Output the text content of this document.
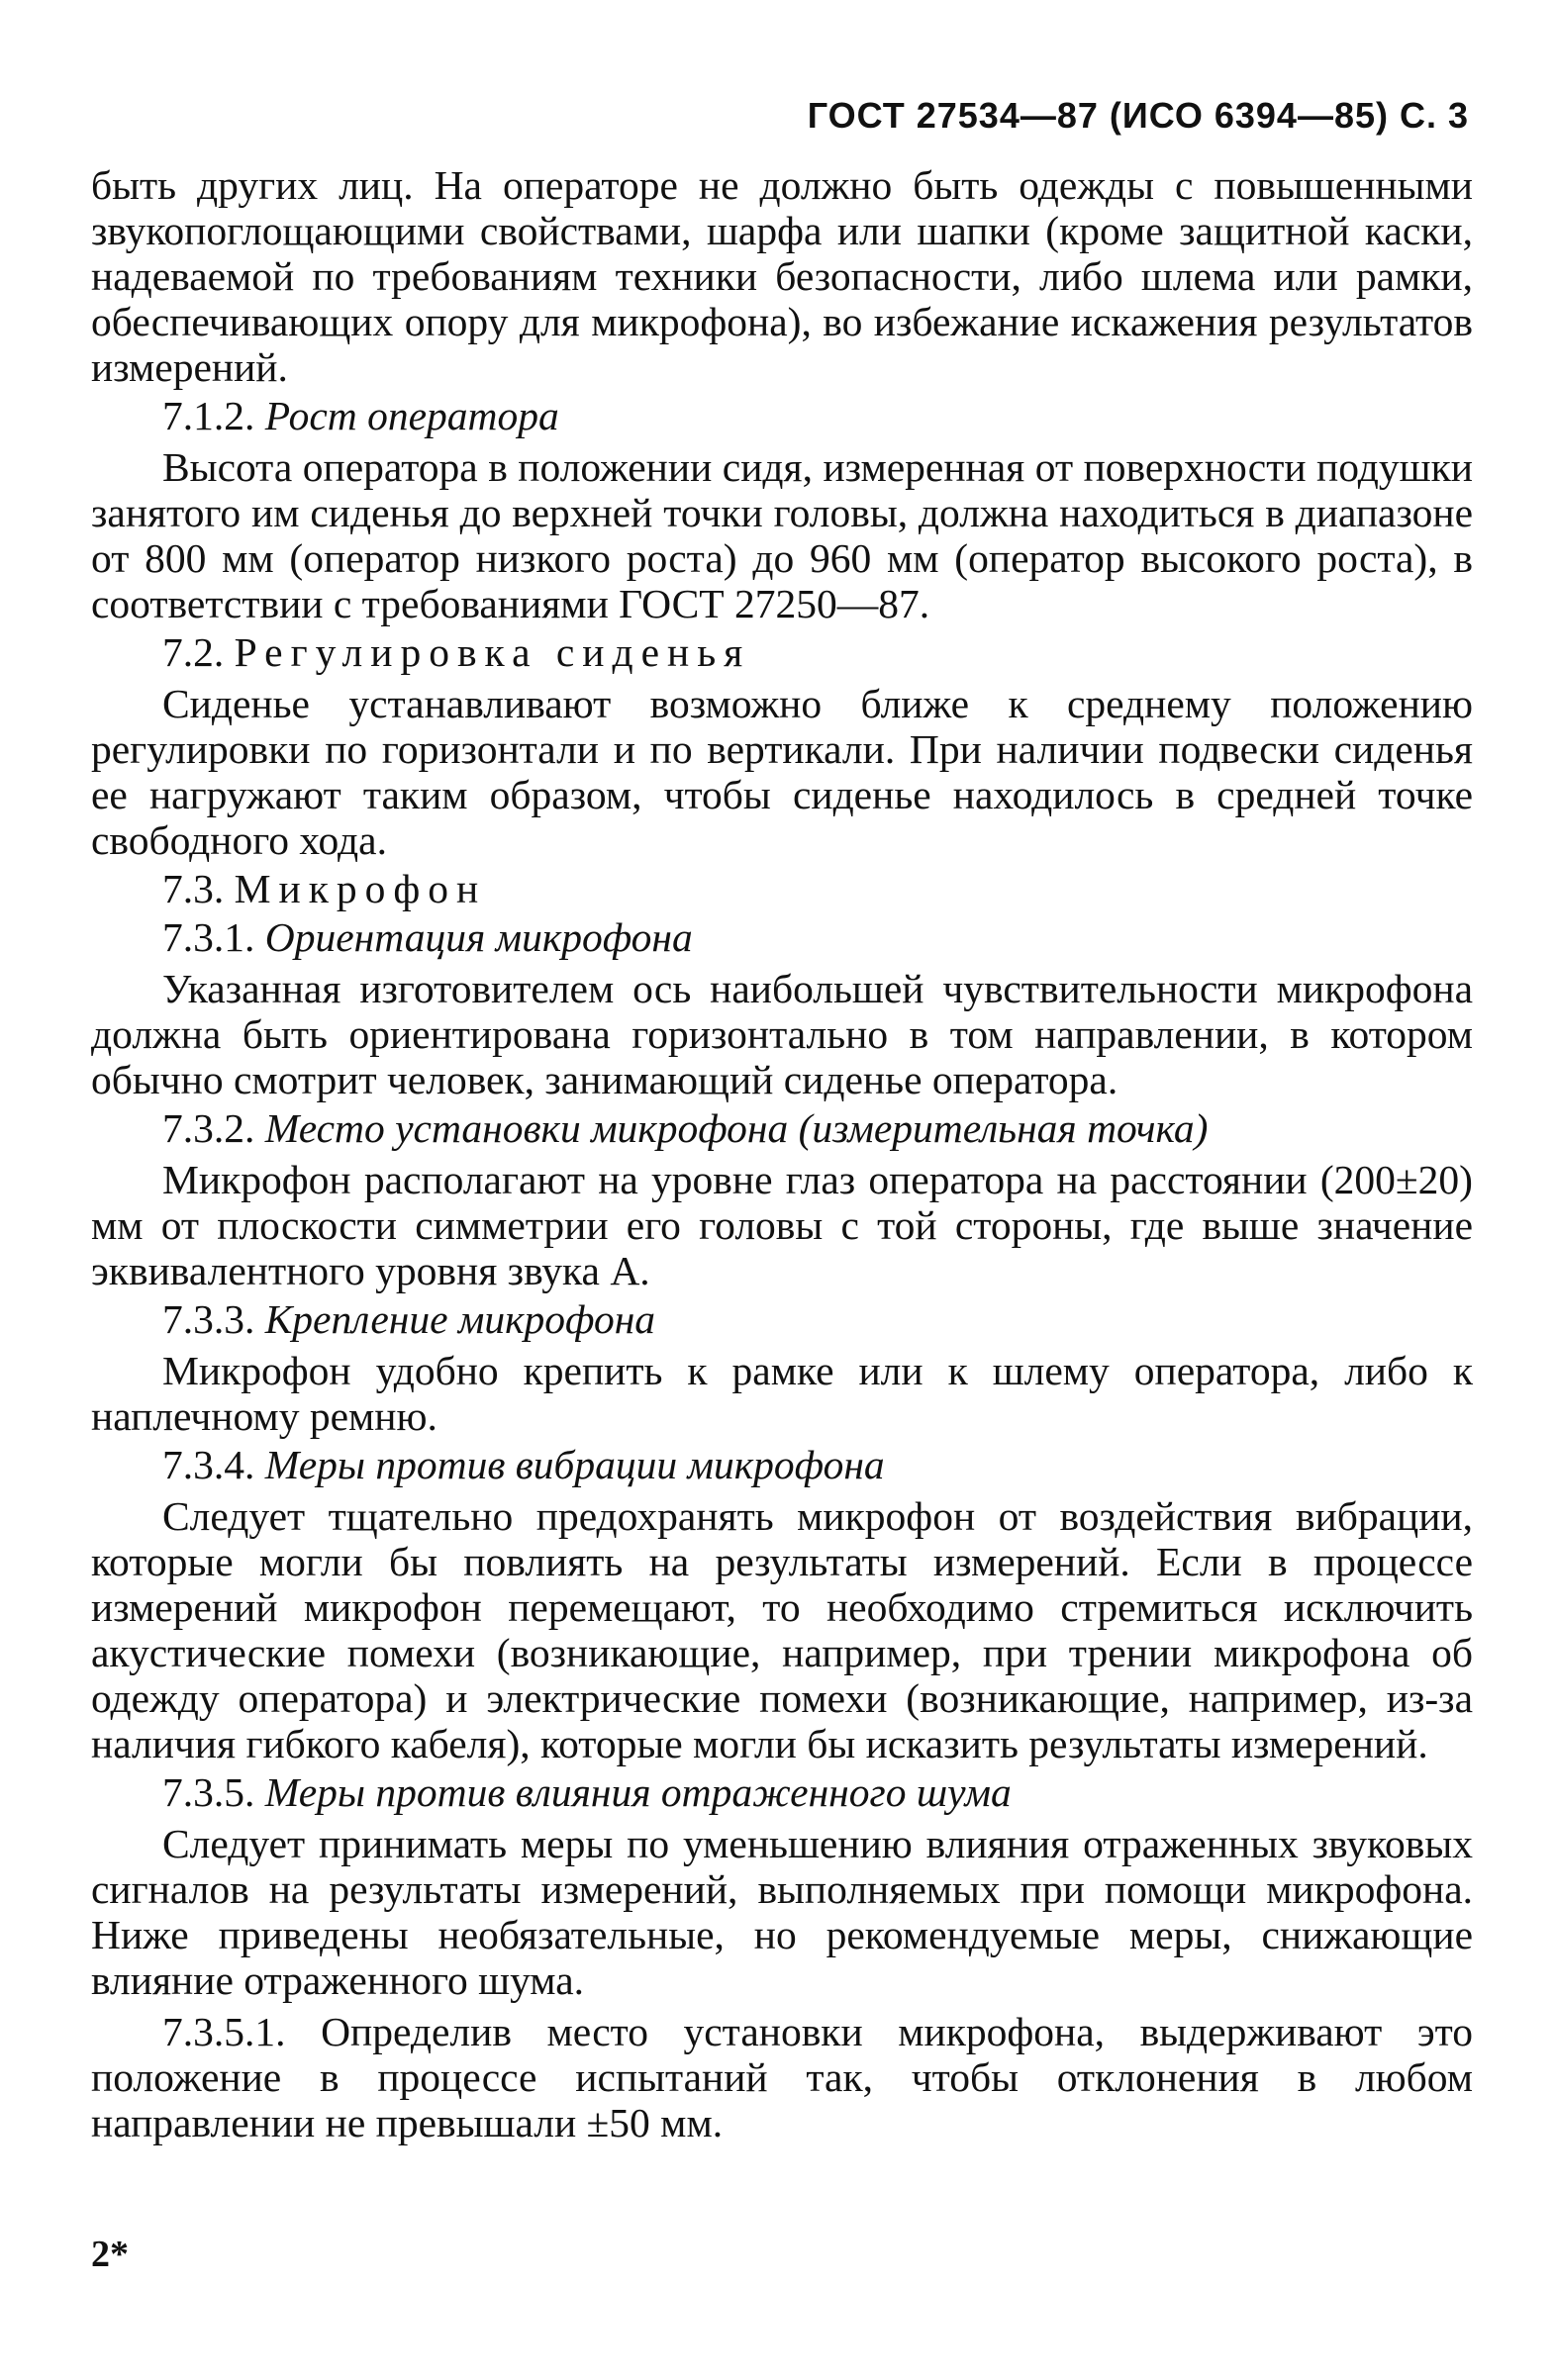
ГОСТ 27534—87 (ИСО 6394—85) С. 3

быть других лиц. На операторе не должно быть одежды с повышенными звукопоглощающими свойствами, шарфа или шапки (кроме защитной каски, надеваемой по требованиям техники безопасности, либо шлема или рамки, обеспечивающих опору для микрофона), во избежание искажения результатов измерений.

7.1.2. Рост оператора

Высота оператора в положении сидя, измеренная от поверхности подушки занятого им сиденья до верхней точки головы, должна находиться в диапазоне от 800 мм (оператор низкого роста) до 960 мм (оператор высокого роста), в соответствии с требованиями ГОСТ 27250—87.

7.2. Регулировка сиденья

Сиденье устанавливают возможно ближе к среднему положению регулировки по горизонтали и по вертикали. При наличии подвески сиденья ее нагружают таким образом, чтобы сиденье находилось в средней точке свободного хода.

7.3. Микрофон
7.3.1. Ориентация микрофона

Указанная изготовителем ось наибольшей чувствительности микрофона должна быть ориентирована горизонтально в том направлении, в котором обычно смотрит человек, занимающий сиденье оператора.

7.3.2. Место установки микрофона (измерительная точка)

Микрофон располагают на уровне глаз оператора на расстоянии (200±20) мм от плоскости симметрии его головы с той стороны, где выше значение эквивалентного уровня звука А.

7.3.3. Крепление микрофона

Микрофон удобно крепить к рамке или к шлему оператора, либо к наплечному ремню.

7.3.4. Меры против вибрации микрофона

Следует тщательно предохранять микрофон от воздействия вибрации, которые могли бы повлиять на результаты измерений. Если в процессе измерений микрофон перемещают, то необходимо стремиться исключить акустические помехи (возникающие, например, при трении микрофона об одежду оператора) и электрические помехи (возникающие, например, из-за наличия гибкого кабеля), которые могли бы исказить результаты измерений.

7.3.5. Меры против влияния отраженного шума

Следует принимать меры по уменьшению влияния отраженных звуковых сигналов на результаты измерений, выполняемых при помощи микрофона. Ниже приведены необязательные, но рекомендуемые меры, снижающие влияние отраженного шума.

7.3.5.1. Определив место установки микрофона, выдерживают это положение в процессе испытаний так, чтобы отклонения в любом направлении не превышали ±50 мм.

2*
